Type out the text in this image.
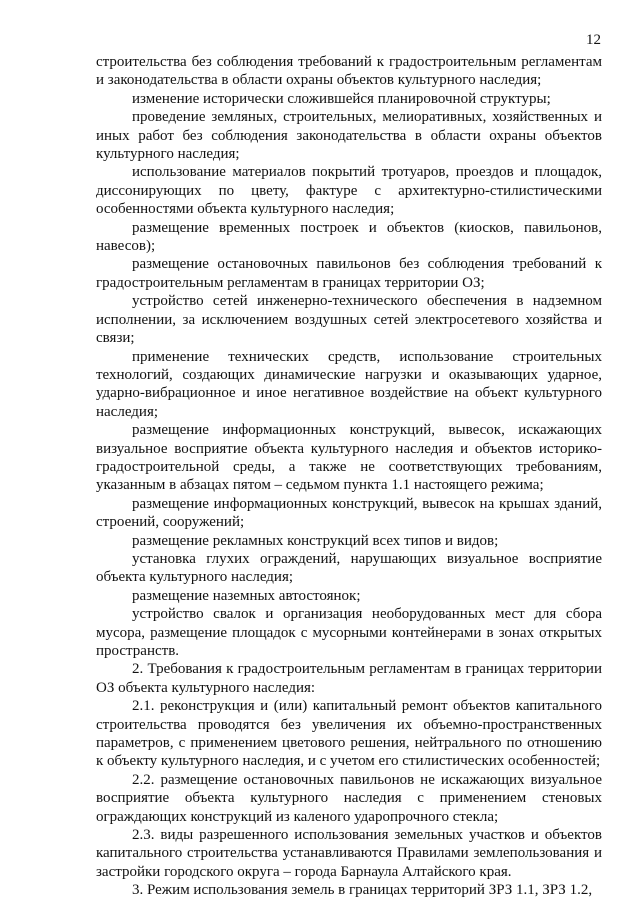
12

строительства без соблюдения требований к градостроительным регламентам и законодательства в области охраны объектов культурного наследия;

изменение исторически сложившейся планировочной структуры;

проведение земляных, строительных, мелиоративных, хозяйственных и иных работ без соблюдения законодательства в области охраны объектов культурного наследия;

использование материалов покрытий тротуаров, проездов и площадок, диссонирующих по цвету, фактуре с архитектурно-стилистическими особенностями объекта культурного наследия;

размещение временных построек и объектов (киосков, павильонов, навесов);

размещение остановочных павильонов без соблюдения требований к градостроительным регламентам в границах территории ОЗ;

устройство сетей инженерно-технического обеспечения в надземном исполнении, за исключением воздушных сетей электросетевого хозяйства и связи;

применение технических средств, использование строительных технологий, создающих динамические нагрузки и оказывающих ударное, ударно-вибрационное и иное негативное воздействие на объект культурного наследия;

размещение информационных конструкций, вывесок, искажающих визуальное восприятие объекта культурного наследия и объектов историко-градостроительной среды, а также не соответствующих требованиям, указанным в абзацах пятом – седьмом пункта 1.1 настоящего режима;

размещение информационных конструкций, вывесок на крышах зданий, строений, сооружений;

размещение рекламных конструкций всех типов и видов;

установка глухих ограждений, нарушающих визуальное восприятие объекта культурного наследия;

размещение наземных автостоянок;

устройство свалок и организация необорудованных мест для сбора мусора, размещение площадок с мусорными контейнерами в зонах открытых пространств.

2. Требования к градостроительным регламентам в границах территории ОЗ объекта культурного наследия:

2.1. реконструкция и (или) капитальный ремонт объектов капитального строительства проводятся без увеличения их объемно-пространственных параметров, с применением цветового решения, нейтрального по отношению к объекту культурного наследия, и с учетом его стилистических особенностей;

2.2. размещение остановочных павильонов не искажающих визуальное восприятие объекта культурного наследия с применением стеновых ограждающих конструкций из каленого ударопрочного стекла;

2.3. виды разрешенного использования земельных участков и объектов капитального строительства устанавливаются Правилами землепользования и застройки городского округа – города Барнаула Алтайского края.

3. Режим использования земель в границах территорий ЗРЗ 1.1, ЗРЗ 1.2,
